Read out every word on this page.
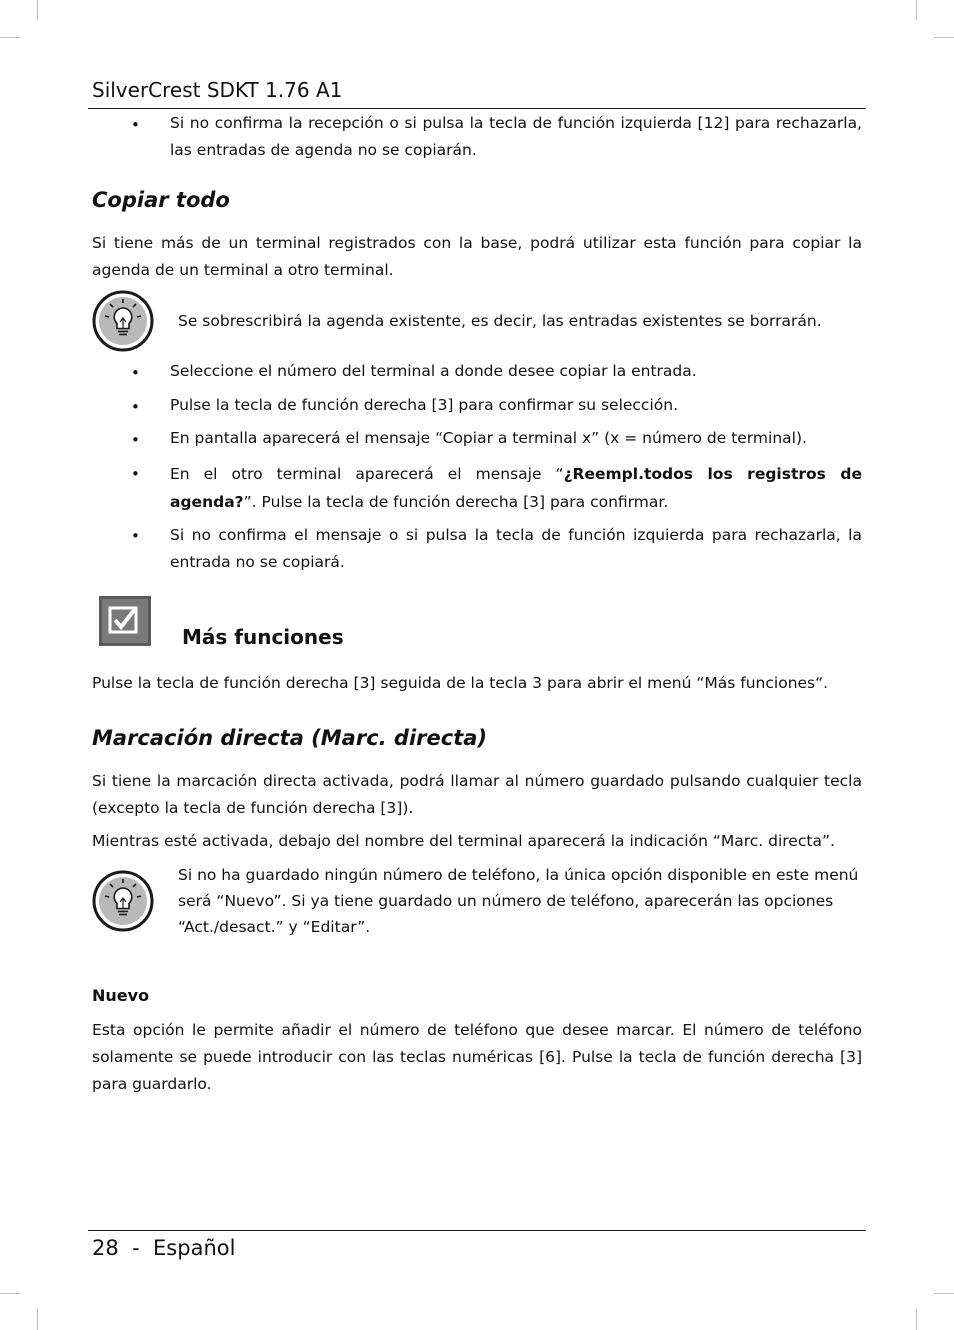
SilverCrest SDKT 1.76 A1
• Si no confirma la recepción o si pulsa la tecla de función izquierda [12] para rechazarla, las entradas de agenda no se copiarán.
Copiar todo
Si tiene más de un terminal registrados con la base, podrá utilizar esta función para copiar la agenda de un terminal a otro terminal.
Se sobrescribirá la agenda existente, es decir, las entradas existentes se borrarán.
• Seleccione el número del terminal a donde desee copiar la entrada.
• Pulse la tecla de función derecha [3] para confirmar su selección.
• En pantalla aparecerá el mensaje “Copiar a terminal x” (x = número de terminal).
• En el otro terminal aparecerá el mensaje “¿Reempl.todos los registros de agenda?”. Pulse la tecla de función derecha [3] para confirmar.
• Si no confirma el mensaje o si pulsa la tecla de función izquierda para rechazarla, la entrada no se copiará.
Más funciones
Pulse la tecla de función derecha [3] seguida de la tecla 3 para abrir el menú “Más funciones“.
Marcación directa (Marc. directa)
Si tiene la marcación directa activada, podrá llamar al número guardado pulsando cualquier tecla (excepto la tecla de función derecha [3]).
Mientras esté activada, debajo del nombre del terminal aparecerá la indicación “Marc. directa”.
Si no ha guardado ningún número de teléfono, la única opción disponible en este menú
será “Nuevo”. Si ya tiene guardado un número de teléfono, aparecerán las opciones
“Act./desact.” y “Editar”.
Nuevo
Esta opción le permite añadir el número de teléfono que desee marcar. El número de teléfono solamente se puede introducir con las teclas numéricas [6]. Pulse la tecla de función derecha [3] para guardarlo.
28 - Español
